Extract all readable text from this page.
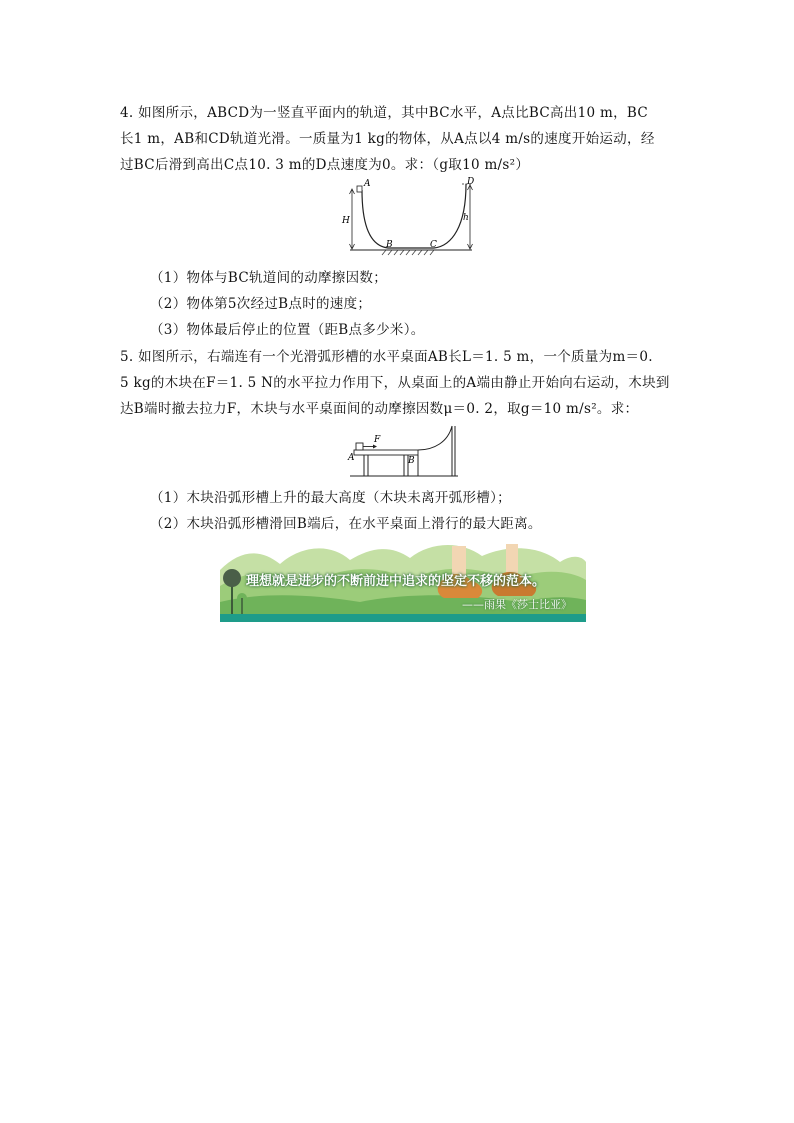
4. 如图所示，ABCD为一竖直平面内的轨道，其中BC水平，A点比BC高出10 m，BC
长1 m，AB和CD轨道光滑。一质量为1 kg的物体，从A点以4 m/s的速度开始运动，经
过BC后滑到高出C点10. 3 m的D点速度为0。求：（g取10 m/s²）
A
B	C
D
H	h
（1）物体与BC轨道间的动摩擦因数；
（2）物体第5次经过B点时的速度；
（3）物体最后停止的位置（距B点多少米）。
5. 如图所示，右端连有一个光滑弧形槽的水平桌面AB长L＝1. 5 m，一个质量为m＝0.
5 kg的木块在F＝1. 5 N的水平拉力作用下，从桌面上的A端由静止开始向右运动，木块到
达B端时撤去拉力F，木块与水平桌面间的动摩擦因数μ＝0. 2，取g＝10 m/s²。求：
A	B
F
（1）木块沿弧形槽上升的最大高度（木块未离开弧形槽）；
（2）木块沿弧形槽滑回B端后，在水平桌面上滑行的最大距离。
理想就是进步的不断前进中追求的坚定不移的范本。
——雨果《莎士比亚》
